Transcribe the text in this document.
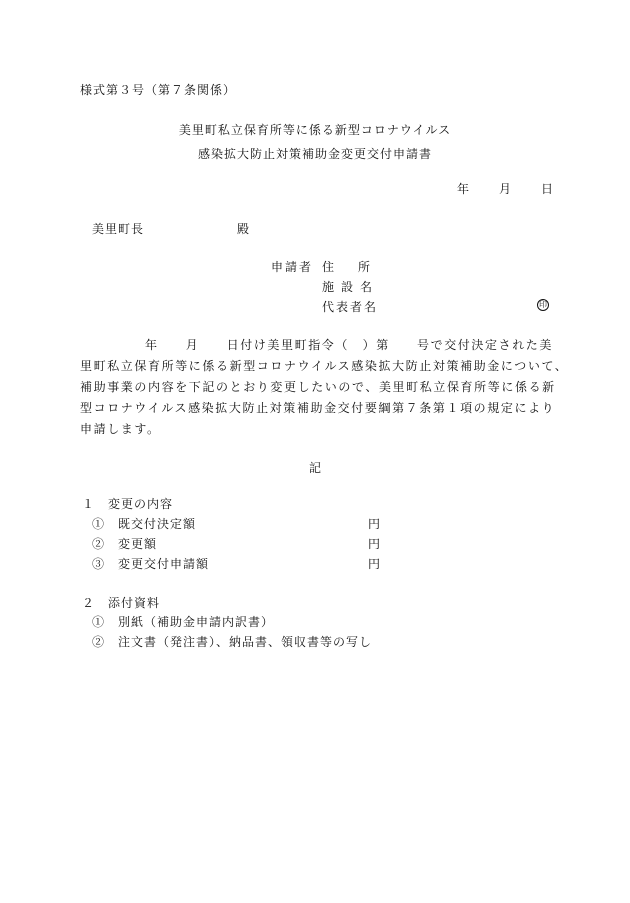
様式第３号（第７条関係）
美里町私立保育所等に係る新型コロナウイルス
感染拡大防止対策補助金変更交付申請書
年 月 日
美里町長	殿
申請者 住　　所
施設名
代表者名	印
年　　月　　日付け美里町指令（　）第　　号で交付決定された美
里町私立保育所等に係る新型コロナウイルス感染拡大防止対策補助金について、
補助事業の内容を下記のとおり変更したいので、美里町私立保育所等に係る新
型コロナウイルス感染拡大防止対策補助金交付要綱第７条第１項の規定により
申請します。
記
１　変更の内容
①　既交付決定額	円
②　変更額	円
③　変更交付申請額	円
２　添付資料
①　別紙（補助金申請内訳書）
②　注文書（発注書）、納品書、領収書等の写し
